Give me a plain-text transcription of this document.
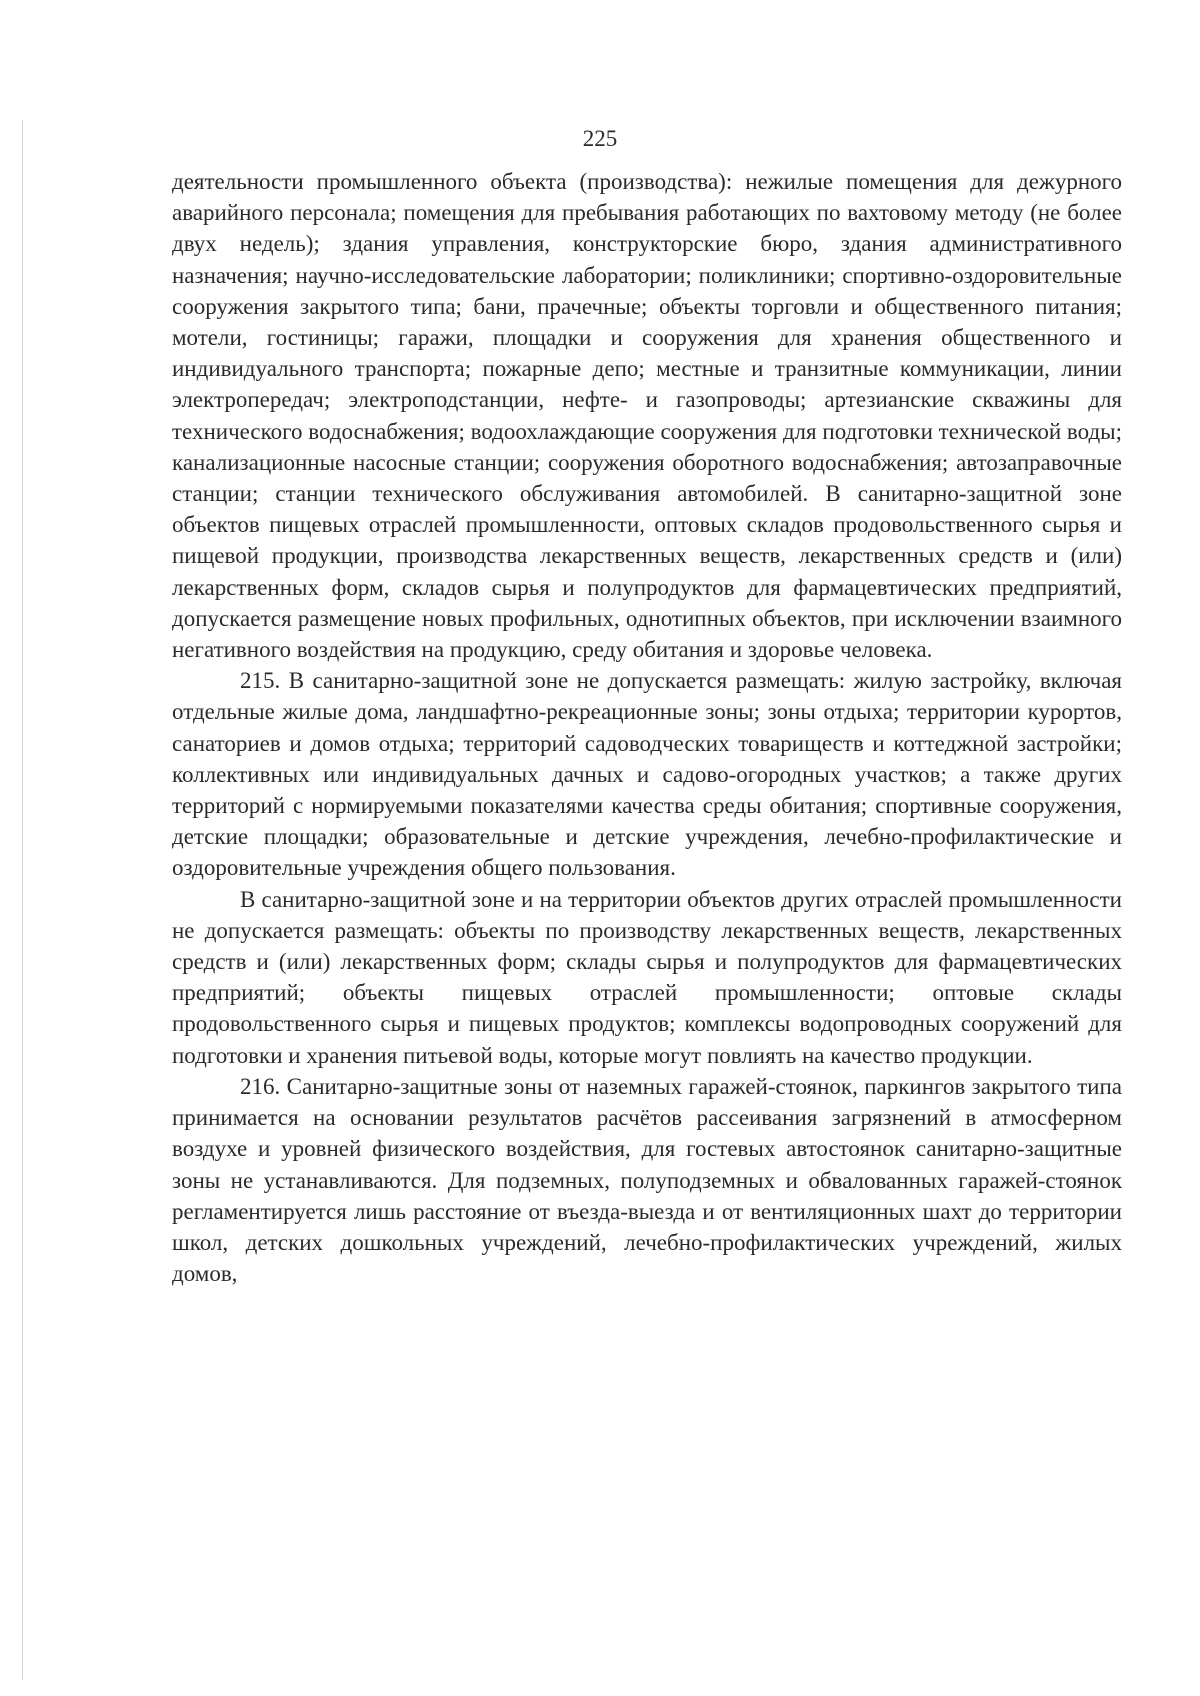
225

деятельности промышленного объекта (производства): нежилые помещения для дежурного аварийного персонала; помещения для пребывания работающих по вахтовому методу (не более двух недель); здания управления, конструкторские бюро, здания административного назначения; научно-исследовательские лаборатории; поликлиники; спортивно-оздоровительные сооружения закрытого типа; бани, прачечные; объекты торговли и общественного питания; мотели, гостиницы; гаражи, площадки и сооружения для хранения общественного и индивидуального транспорта; пожарные депо; местные и транзитные коммуникации, линии электропередач; электроподстанции, нефте- и газопроводы; артезианские скважины для технического водоснабжения; водоохлаждающие сооружения для подготовки технической воды; канализационные насосные станции; сооружения оборотного водоснабжения; автозаправочные станции; станции технического обслуживания автомобилей. В санитарно-защитной зоне объектов пищевых отраслей промышленности, оптовых складов продовольственного сырья и пищевой продукции, производства лекарственных веществ, лекарственных средств и (или) лекарственных форм, складов сырья и полупродуктов для фармацевтических предприятий, допускается размещение новых профильных, однотипных объектов, при исключении взаимного негативного воздействия на продукцию, среду обитания и здоровье человека.

215. В санитарно-защитной зоне не допускается размещать: жилую застройку, включая отдельные жилые дома, ландшафтно-рекреационные зоны; зоны отдыха; территории курортов, санаториев и домов отдыха; территорий садоводческих товариществ и коттеджной застройки; коллективных или индивидуальных дачных и садово-огородных участков; а также других территорий с нормируемыми показателями качества среды обитания; спортивные сооружения, детские площадки; образовательные и детские учреждения, лечебно-профилактические и оздоровительные учреждения общего пользования.

В санитарно-защитной зоне и на территории объектов других отраслей промышленности не допускается размещать: объекты по производству лекарственных веществ, лекарственных средств и (или) лекарственных форм; склады сырья и полупродуктов для фармацевтических предприятий; объекты пищевых отраслей промышленности; оптовые склады продовольственного сырья и пищевых продуктов; комплексы водопроводных сооружений для подготовки и хранения питьевой воды, которые могут повлиять на качество продукции.

216. Санитарно-защитные зоны от наземных гаражей-стоянок, паркингов закрытого типа принимается на основании результатов расчётов рассеивания загрязнений в атмосферном воздухе и уровней физического воздействия, для гостевых автостоянок санитарно-защитные зоны не устанавливаются. Для подземных, полуподземных и обвалованных гаражей-стоянок регламентируется лишь расстояние от въезда-выезда и от вентиляционных шахт до территории школ, детских дошкольных учреждений, лечебно-профилактических учреждений, жилых домов,
